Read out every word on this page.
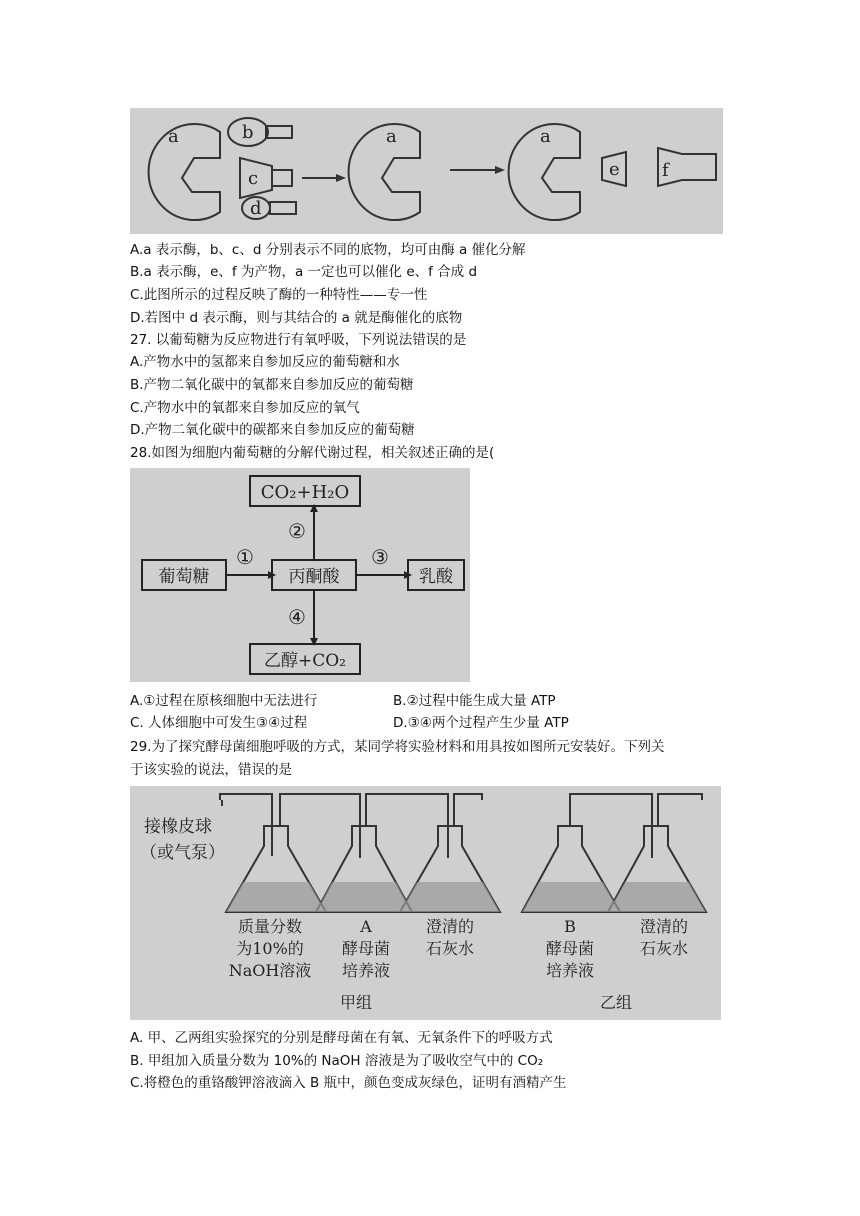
a	b
c
d
a	a
e f
A.a 表示酶，b、c、d 分别表示不同的底物，均可由酶 a 催化分解
B.a 表示酶，e、f 为产物，a 一定也可以催化 e、f 合成 d
C.此图所示的过程反映了酶的一种特性——专一性
D.若图中 d 表示酶，则与其结合的 a 就是酶催化的底物
27. 以葡萄糖为反应物进行有氧呼吸，下列说法错误的是
A.产物水中的氢都来自参加反应的葡萄糖和水
B.产物二氧化碳中的氧都来自参加反应的葡萄糖
C.产物水中的氧都来自参加反应的氧气
D.产物二氧化碳中的碳都来自参加反应的葡萄糖
28.如图为细胞内葡萄糖的分解代谢过程，相关叙述正确的是(
CO₂+H₂O
葡萄糖	丙酮酸	乳酸
乙醇+CO₂
①
②
③
④
A.①过程在原核细胞中无法进行	B.②过程中能生成大量 ATP
C. 人体细胞中可发生③④过程	D.③④两个过程产生少量 ATP
29.为了探究酵母菌细胞呼吸的方式，某同学将实验材料和用具按如图所元安装好。下列关
于该实验的说法，错误的是
接橡皮球
（或气泵）
质量分数
为10%的
NaOH溶液
A
酵母菌
培养液
澄清的
石灰水
B
酵母菌
培养液
澄清的
石灰水
甲组	乙组
A. 甲、乙两组实验探究的分别是酵母菌在有氧、无氧条件下的呼吸方式
B. 甲组加入质量分数为 10%的 NaOH 溶液是为了吸收空气中的 CO₂
C.将橙色的重铬酸钾溶液滴入 B 瓶中，颜色变成灰绿色，证明有酒精产生
